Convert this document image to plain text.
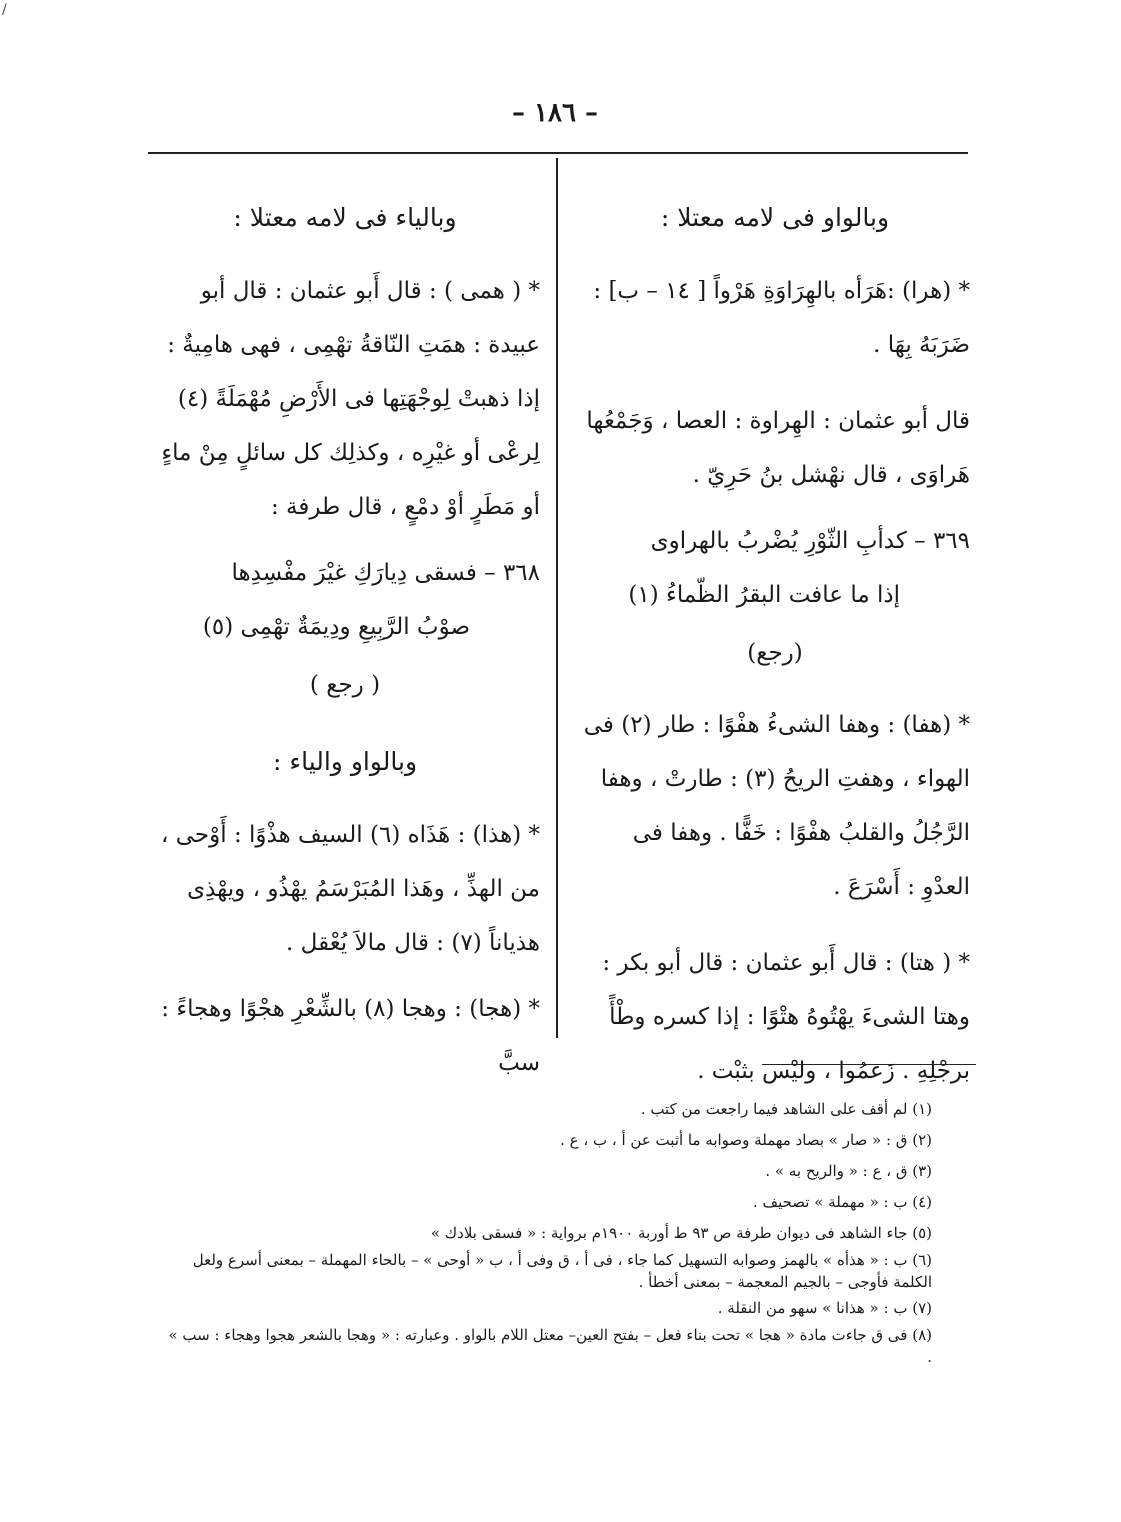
/
– ١٨٦ –

وبالواو فى لامه معتلا :

* (هرا) :هَرَأه بالهِرَاوَةِ هَرْواً [ ١٤ – ب] : ضَرَبَهُ بِهَا .

قال أبو عثمان : الهِراوة : العصا ، وَجَمْعُها هَراوَى ، قال نهْشل بنُ حَرِيّ .

٣٦٩ – كدأبِ الثّوْرِ يُضْربُ بالهراوى

إذا ما عافت البقرُ الظّماءُ (١)

(رجع)

* (هفا) : وهفا الشىءُ هفْوًا : طار (٢) فى الهواء ، وهفتِ الريحُ (٣) : طارتْ ، وهفا الرَّجُلُ والقلبُ هفْوًا : خَفًّا . وهفا فى العدْوِ : أَسْرَعَ .

* ( هتا) : قال أَبو عثمان : قال أبو بكر : وهتا الشىءَ يهْتُوهُ هتْوًا : إذا كسره وطْأً برجْلِهِ . زَعمُوا ، وليْس بثبْت .

وبالياء فى لامه معتلا :

* ( همى ) : قال أَبو عثمان : قال أبو عبيدة : همَتِ النّاقةُ تهْمِى ، فهى هامِيةٌ : إذا ذهبتْ لِوجْهَتِها فى الأَرْضِ مُهْمَلَةً (٤) لِرعْى أو غيْرِه ، وكذلِك كل سائلٍ مِنْ ماءٍ أو مَطَرٍ أوْ دمْعٍ ، قال طرفة :

٣٦٨ – فسقى دِيارَكِ غيْرَ مفْسِدِها

صوْبُ الرَّبِيعِ ودِيمَةٌ تهْمِى (٥)

( رجع )

وبالواو والياء :

* (هذا) : هَذَاه (٦) السيف هذْوًا : أَوْحى ، من الهذِّ ، وهَذا المُبَرْسَمُ يهْذُو ، ويهْذِى هذياناً (٧) : قال مالاَ يُعْقل .

* (هجا) : وهجا (٨) بالشِّعْرِ هجْوًا وهجاءً : سبَّ

(١) لم أقف على الشاهد فيما راجعت من كتب .

(٢) ق : « صار » بصاد مهملة وصوابه ما أثبت عن أ ، ب ، ع .

(٣) ق ، ع : « والريح به » .

(٤) ب : « مهملة » تصحيف .

(٥) جاء الشاهد فى ديوان طرفة ص ٩٣ ط أوربة ١٩٠٠م برواية : « فسقى بلادك »

(٦) ب : « هذأه » بالهمز وصوابه التسهيل كما جاء ، فى أ ، ق وفى أ ، ب « أوحى » – بالحاء المهملة – بمعنى أسرع ولعل الكلمة فأوجى – بالجيم المعجمة – بمعنى أخطأ .

(٧) ب : « هذانا » سهو من النقلة .

(٨) فى ق جاءت مادة « هجا » تحت بناء فعل – بفتح العين– معتل اللام بالواو . وعبارته : « وهجا بالشعر هجوا وهجاء : سب » .
